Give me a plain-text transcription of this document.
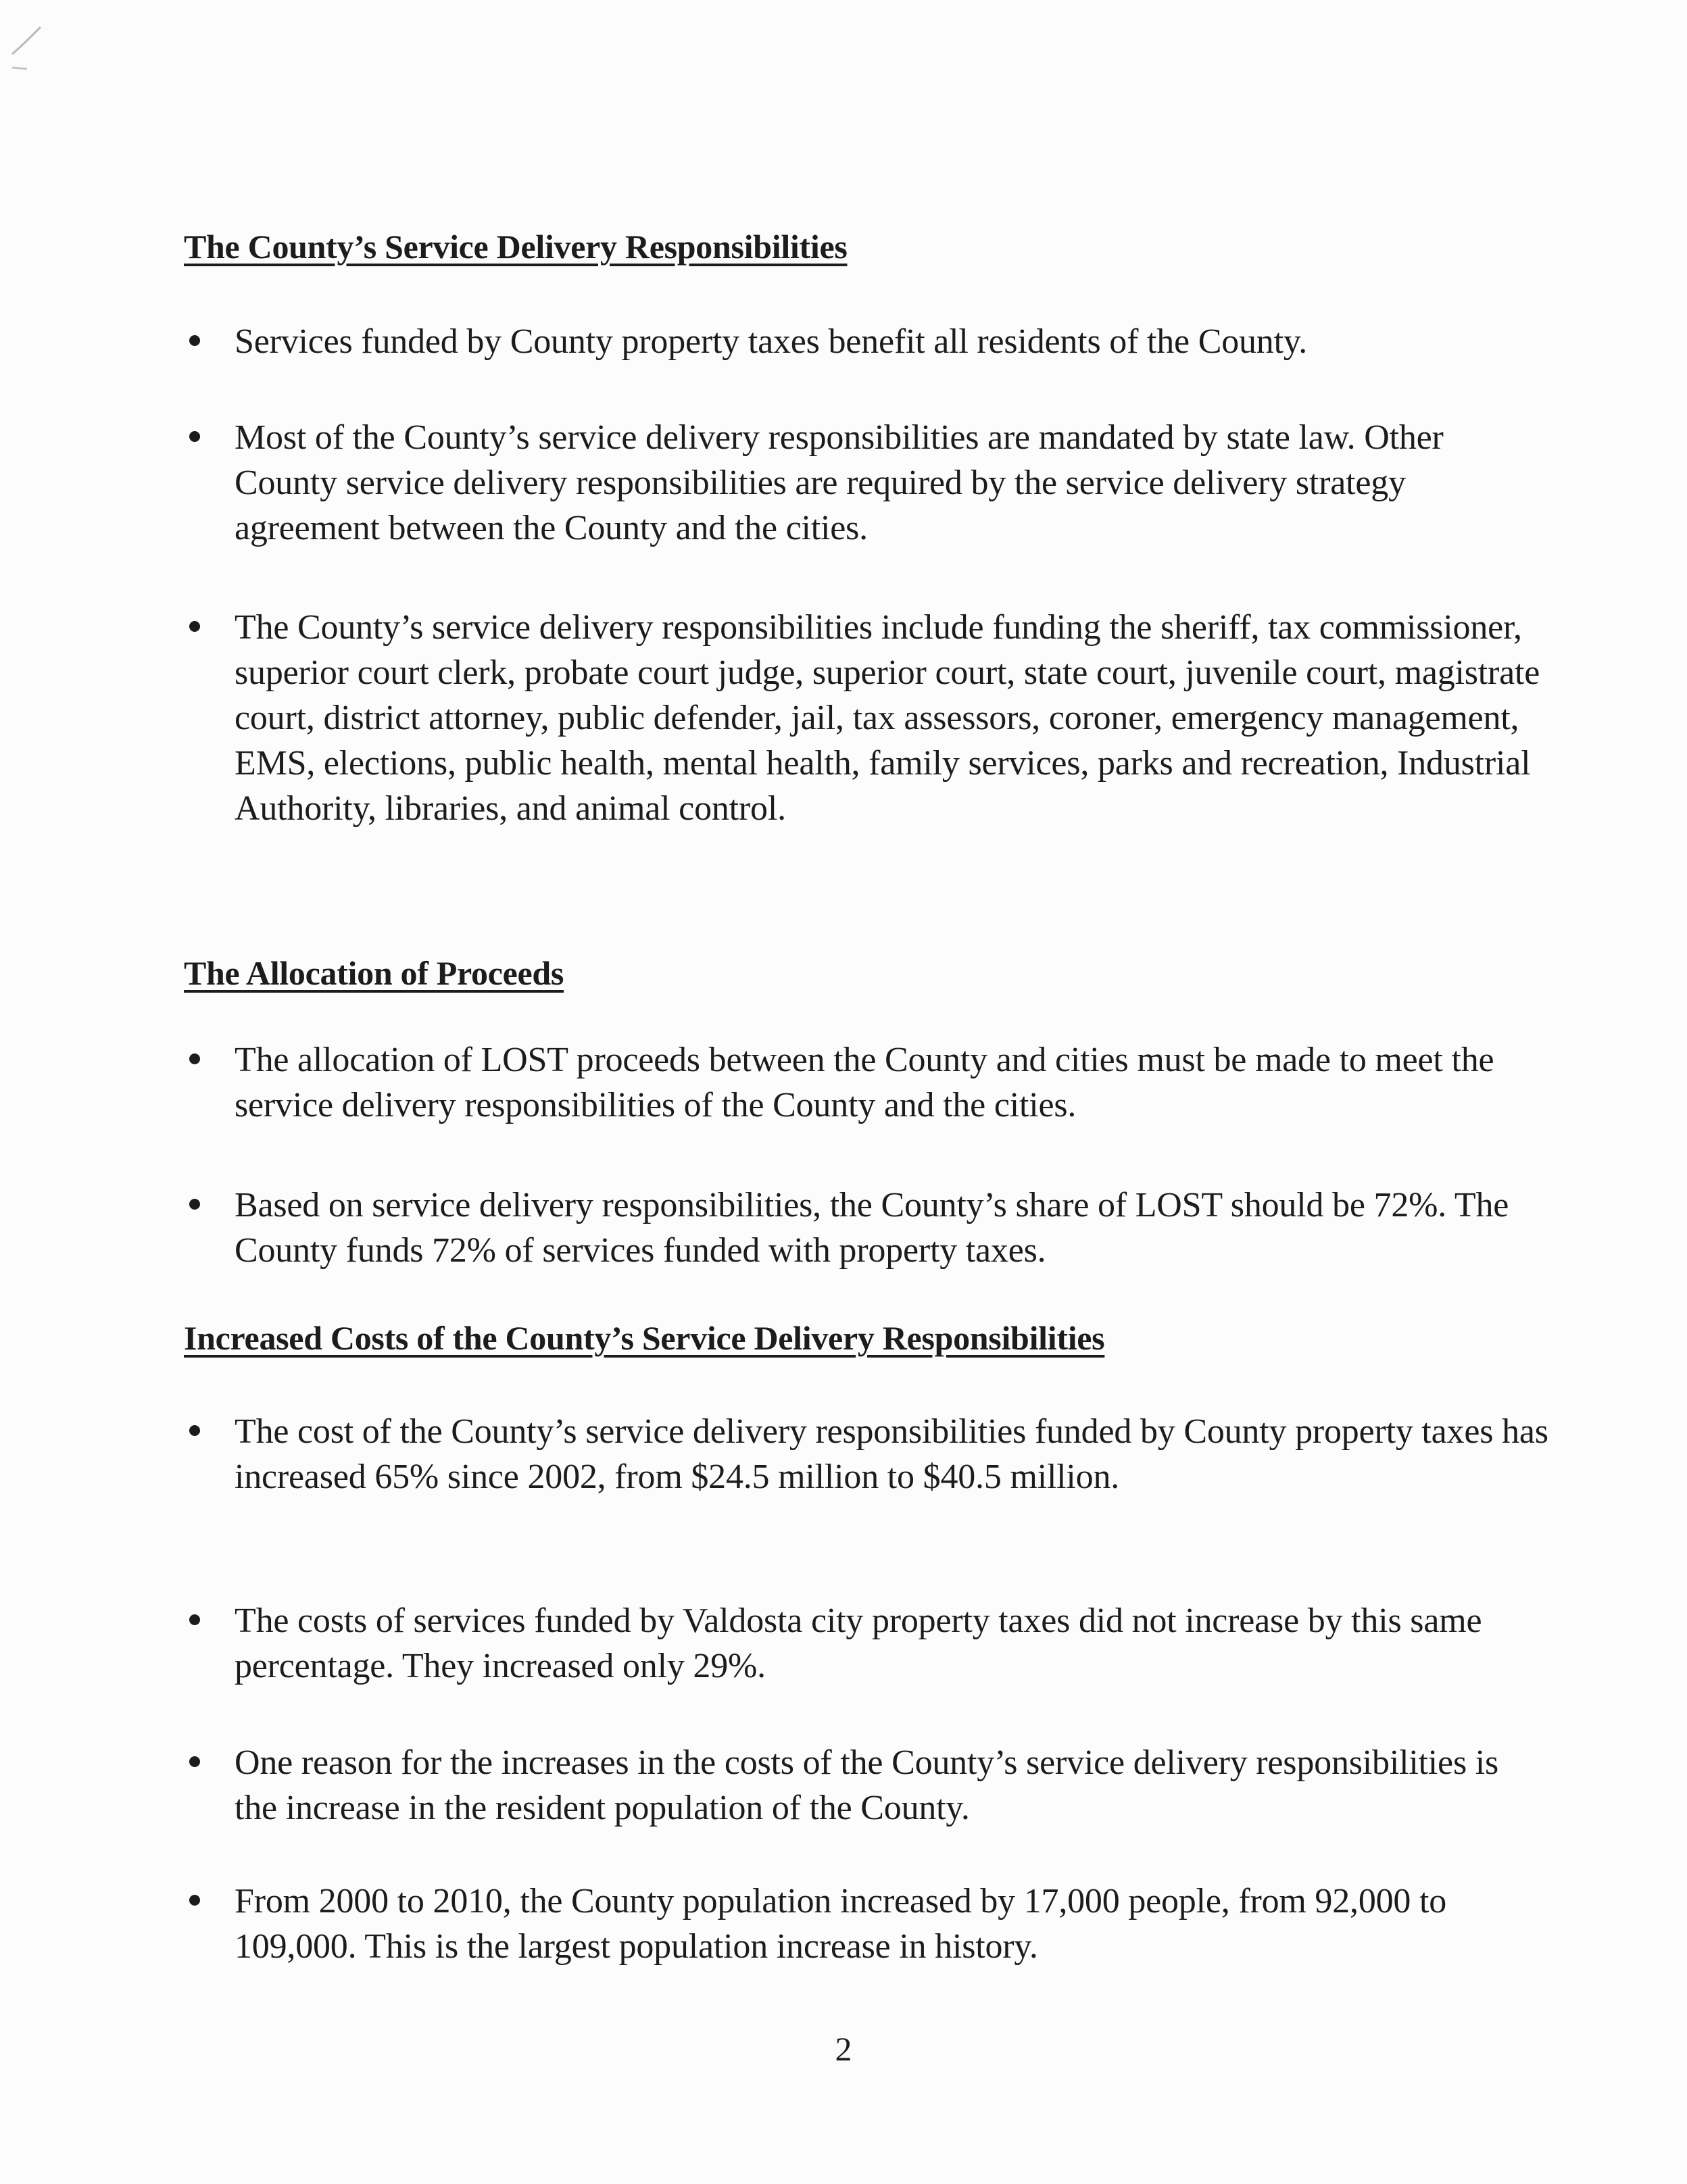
The County’s Service Delivery Responsibilities
Services funded by County property taxes benefit all residents of the County.
Most of the County’s service delivery responsibilities are mandated by state law. Other County service delivery responsibilities are required by the service delivery strategy agreement between the County and the cities.
The County’s service delivery responsibilities include funding the sheriff, tax commissioner, superior court clerk, probate court judge, superior court, state court, juvenile court, magistrate court, district attorney, public defender, jail, tax assessors, coroner, emergency management, EMS, elections, public health, mental health, family services, parks and recreation, Industrial Authority, libraries, and animal control.
The Allocation of Proceeds
The allocation of LOST proceeds between the County and cities must be made to meet the service delivery responsibilities of the County and the cities.
Based on service delivery responsibilities, the County’s share of LOST should be 72%. The County funds 72% of services funded with property taxes.
Increased Costs of the County’s Service Delivery Responsibilities
The cost of the County’s service delivery responsibilities funded by County property taxes has increased 65% since 2002, from $24.5 million to $40.5 million.
The costs of services funded by Valdosta city property taxes did not increase by this same percentage. They increased only 29%.
One reason for the increases in the costs of the County’s service delivery responsibilities is the increase in the resident population of the County.
From 2000 to 2010, the County population increased by 17,000 people, from 92,000 to 109,000. This is the largest population increase in history.
2
